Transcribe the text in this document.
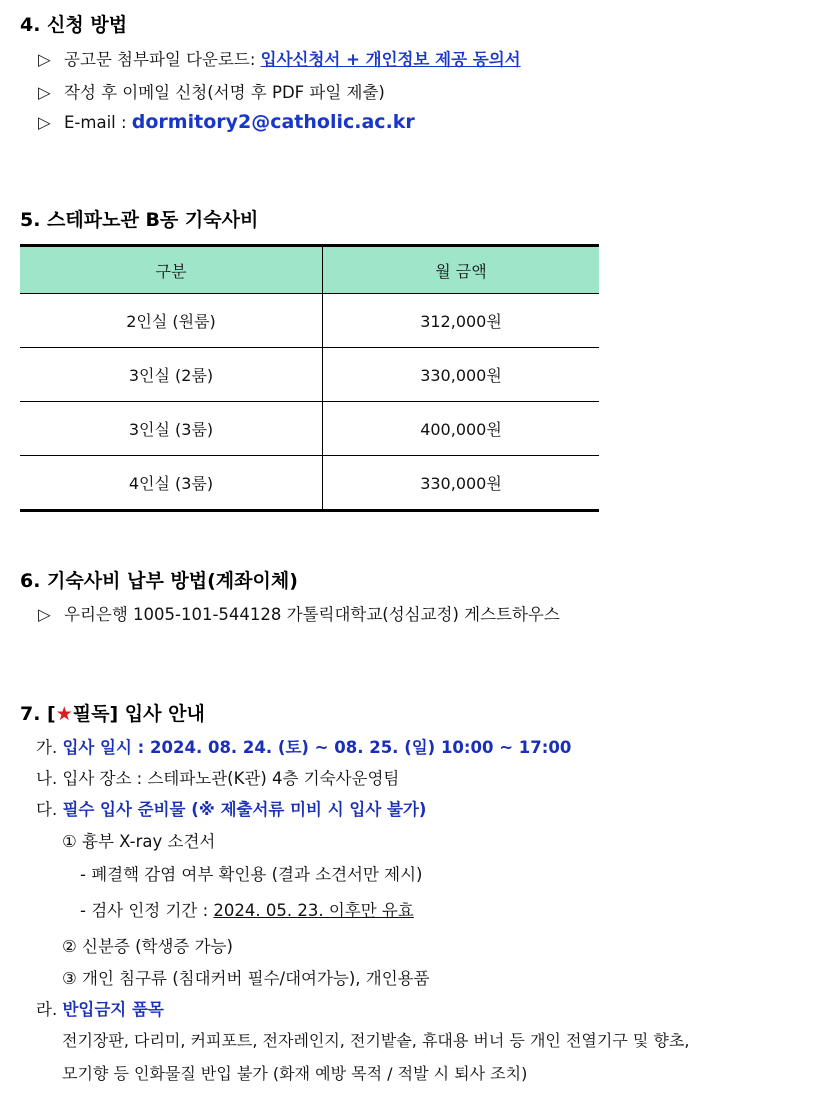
4. 신청 방법
▷ 공고문 첨부파일 다운로드: 입사신청서 + 개인정보 제공 동의서
▷ 작성 후 이메일 신청(서명 후 PDF 파일 제출)
▷ E-mail : dormitory2@catholic.ac.kr
5. 스테파노관 B동 기숙사비
구분	월 금액
2인실 (원룸)	312,000원
3인실 (2룸)	330,000원
3인실 (3룸)	400,000원
4인실 (3룸)	330,000원
6. 기숙사비 납부 방법(계좌이체)
▷ 우리은행 1005-101-544128 가톨릭대학교(성심교정) 게스트하우스
7. [★필독] 입사 안내
가. 입사 일시 : 2024. 08. 24. (토) ~ 08. 25. (일) 10:00 ~ 17:00
나. 입사 장소 : 스테파노관(K관) 4층 기숙사운영팀
다. 필수 입사 준비물 (※ 제출서류 미비 시 입사 불가)
① 흉부 X-ray 소견서
- 폐결핵 감염 여부 확인용 (결과 소견서만 제시)
- 검사 인정 기간 : 2024. 05. 23. 이후만 유효
② 신분증 (학생증 가능)
③ 개인 침구류 (침대커버 필수/대여가능), 개인용품
라. 반입금지 품목
전기장판, 다리미, 커피포트, 전자레인지, 전기밭솥, 휴대용 버너 등 개인 전열기구 및 향초,
모기향 등 인화물질 반입 불가 (화재 예방 목적 / 적발 시 퇴사 조치)
